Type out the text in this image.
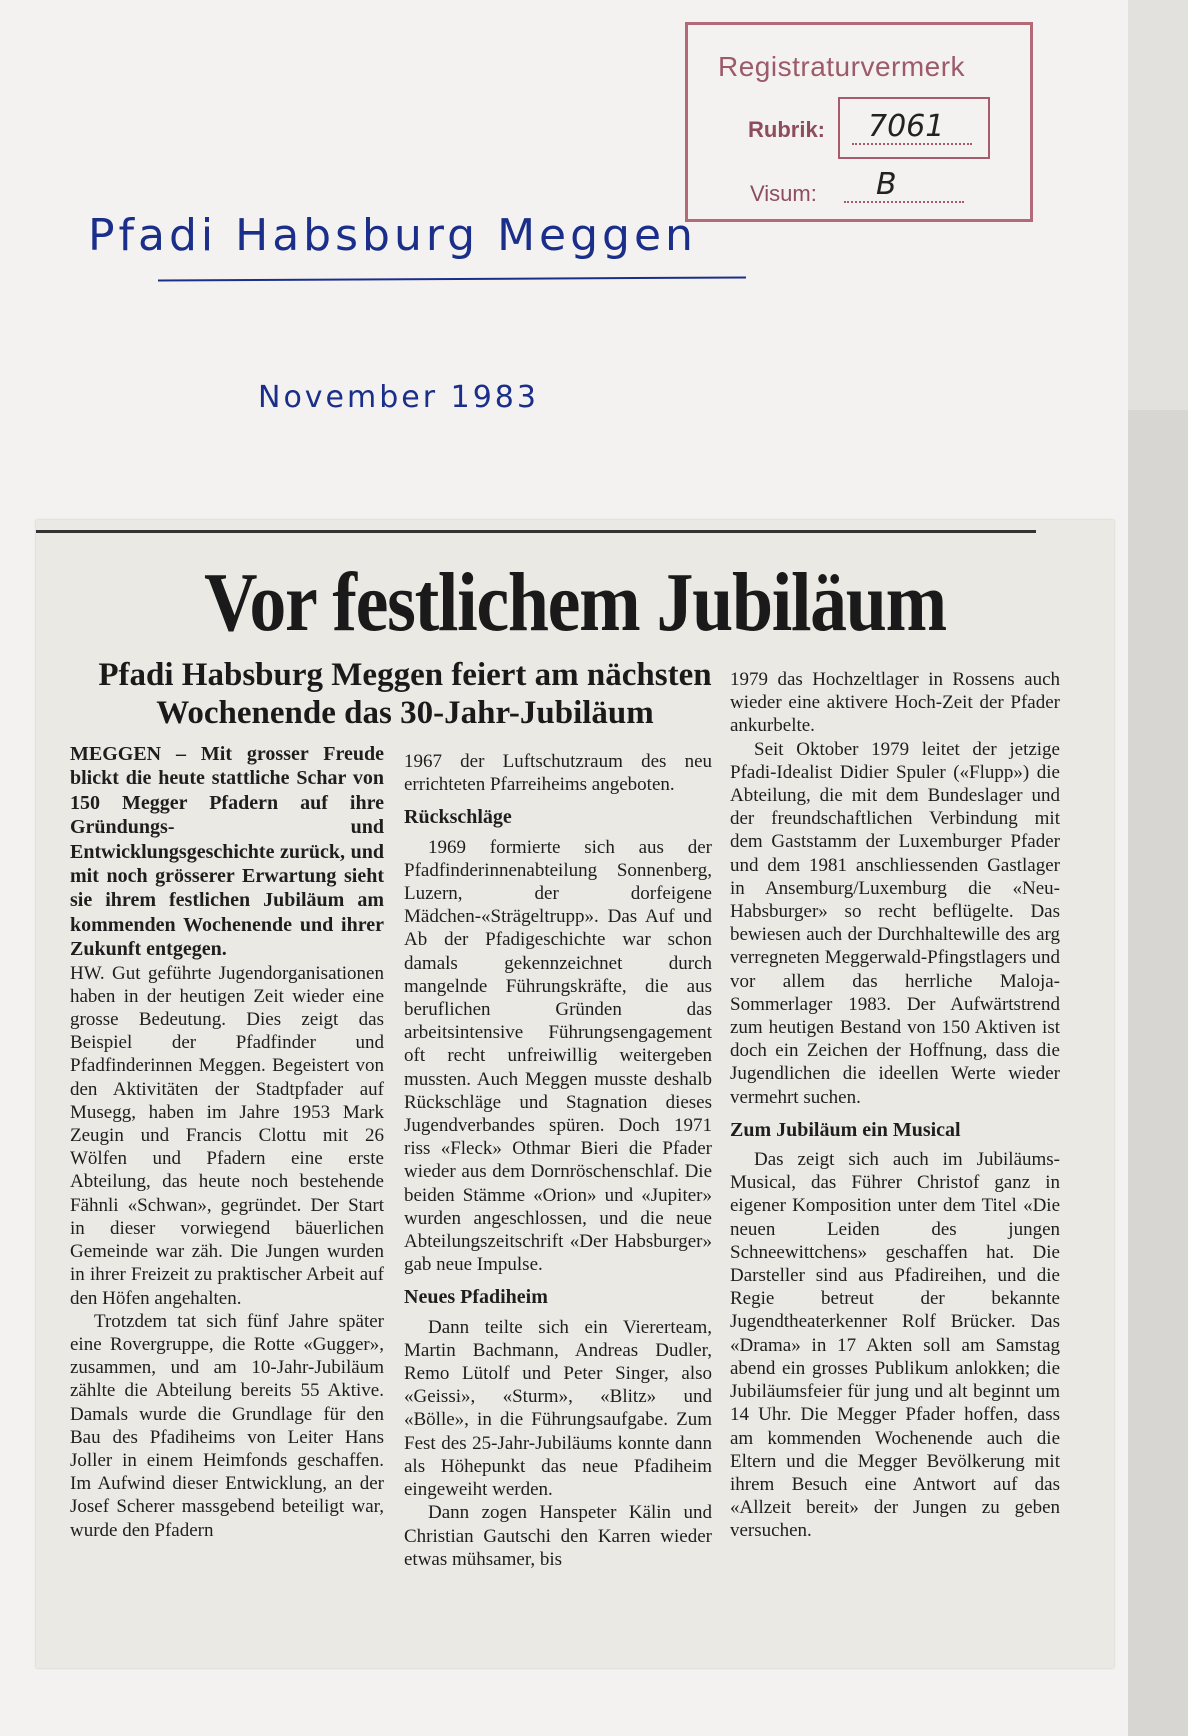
Registraturvermerk
Rubrik: 7061
Visum: B
Pfadi Habsburg Meggen
November 1983
Vor festlichem Jubiläum
Pfadi Habsburg Meggen feiert am nächsten Wochenende das 30-Jahr-Jubiläum

MEGGEN – Mit grosser Freude blickt die heute stattliche Schar von 150 Megger Pfadern auf ihre Gründungs- und Entwicklungsgeschichte zurück, und mit noch grösserer Erwartung sieht sie ihrem festlichen Jubiläum am kommenden Wochenende und ihrer Zukunft entgegen.

HW. Gut geführte Jugendorganisationen haben in der heutigen Zeit wieder eine grosse Bedeutung. Dies zeigt das Beispiel der Pfadfinder und Pfadfinderinnen Meggen. Begeistert von den Aktivitäten der Stadtpfader auf Musegg, haben im Jahre 1953 Mark Zeugin und Francis Clottu mit 26 Wölfen und Pfadern eine erste Abteilung, das heute noch bestehende Fähnli «Schwan», gegründet. Der Start in dieser vorwiegend bäuerlichen Gemeinde war zäh. Die Jungen wurden in ihrer Freizeit zu praktischer Arbeit auf den Höfen angehalten.

Trotzdem tat sich fünf Jahre später eine Rovergruppe, die Rotte «Gugger», zusammen, und am 10-Jahr-Jubiläum zählte die Abteilung bereits 55 Aktive. Damals wurde die Grundlage für den Bau des Pfadiheims von Leiter Hans Joller in einem Heimfonds geschaffen. Im Aufwind dieser Entwicklung, an der Josef Scherer massgebend beteiligt war, wurde den Pfadern

1967 der Luftschutzraum des neu errichteten Pfarreiheims angeboten.

Rückschläge

1969 formierte sich aus der Pfadfinderinnenabteilung Sonnenberg, Luzern, der dorfeigene Mädchen-«Strägeltrupp». Das Auf und Ab der Pfadigeschichte war schon damals gekennzeichnet durch mangelnde Führungskräfte, die aus beruflichen Gründen das arbeitsintensive Führungsengagement oft recht unfreiwillig weitergeben mussten. Auch Meggen musste deshalb Rückschläge und Stagnation dieses Jugendverbandes spüren. Doch 1971 riss «Fleck» Othmar Bieri die Pfader wieder aus dem Dornröschenschlaf. Die beiden Stämme «Orion» und «Jupiter» wurden angeschlossen, und die neue Abteilungszeitschrift «Der Habsburger» gab neue Impulse.

Neues Pfadiheim

Dann teilte sich ein Viererteam, Martin Bachmann, Andreas Dudler, Remo Lütolf und Peter Singer, also «Geissi», «Sturm», «Blitz» und «Bölle», in die Führungsaufgabe. Zum Fest des 25-Jahr-Jubiläums konnte dann als Höhepunkt das neue Pfadiheim eingeweiht werden.

Dann zogen Hanspeter Kälin und Christian Gautschi den Karren wieder etwas mühsamer, bis

1979 das Hochzeltlager in Rossens auch wieder eine aktivere Hoch-Zeit der Pfader ankurbelte.

Seit Oktober 1979 leitet der jetzige Pfadi-Idealist Didier Spuler («Flupp») die Abteilung, die mit dem Bundeslager und der freundschaftlichen Verbindung mit dem Gaststamm der Luxemburger Pfader und dem 1981 anschliessenden Gastlager in Ansemburg/Luxemburg die «Neu-Habsburger» so recht beflügelte. Das bewiesen auch der Durchhaltewille des arg verregneten Meggerwald-Pfingstlagers und vor allem das herrliche Maloja-Sommerlager 1983. Der Aufwärtstrend zum heutigen Bestand von 150 Aktiven ist doch ein Zeichen der Hoffnung, dass die Jugendlichen die ideellen Werte wieder vermehrt suchen.

Zum Jubiläum ein Musical

Das zeigt sich auch im Jubiläums-Musical, das Führer Christof ganz in eigener Komposition unter dem Titel «Die neuen Leiden des jungen Schneewittchens» geschaffen hat. Die Darsteller sind aus Pfadireihen, und die Regie betreut der bekannte Jugendtheaterkenner Rolf Brücker. Das «Drama» in 17 Akten soll am Samstag abend ein grosses Publikum anlokken; die Jubiläumsfeier für jung und alt beginnt um 14 Uhr. Die Megger Pfader hoffen, dass am kommenden Wochenende auch die Eltern und die Megger Bevölkerung mit ihrem Besuch eine Antwort auf das «Allzeit bereit» der Jungen zu geben versuchen.
